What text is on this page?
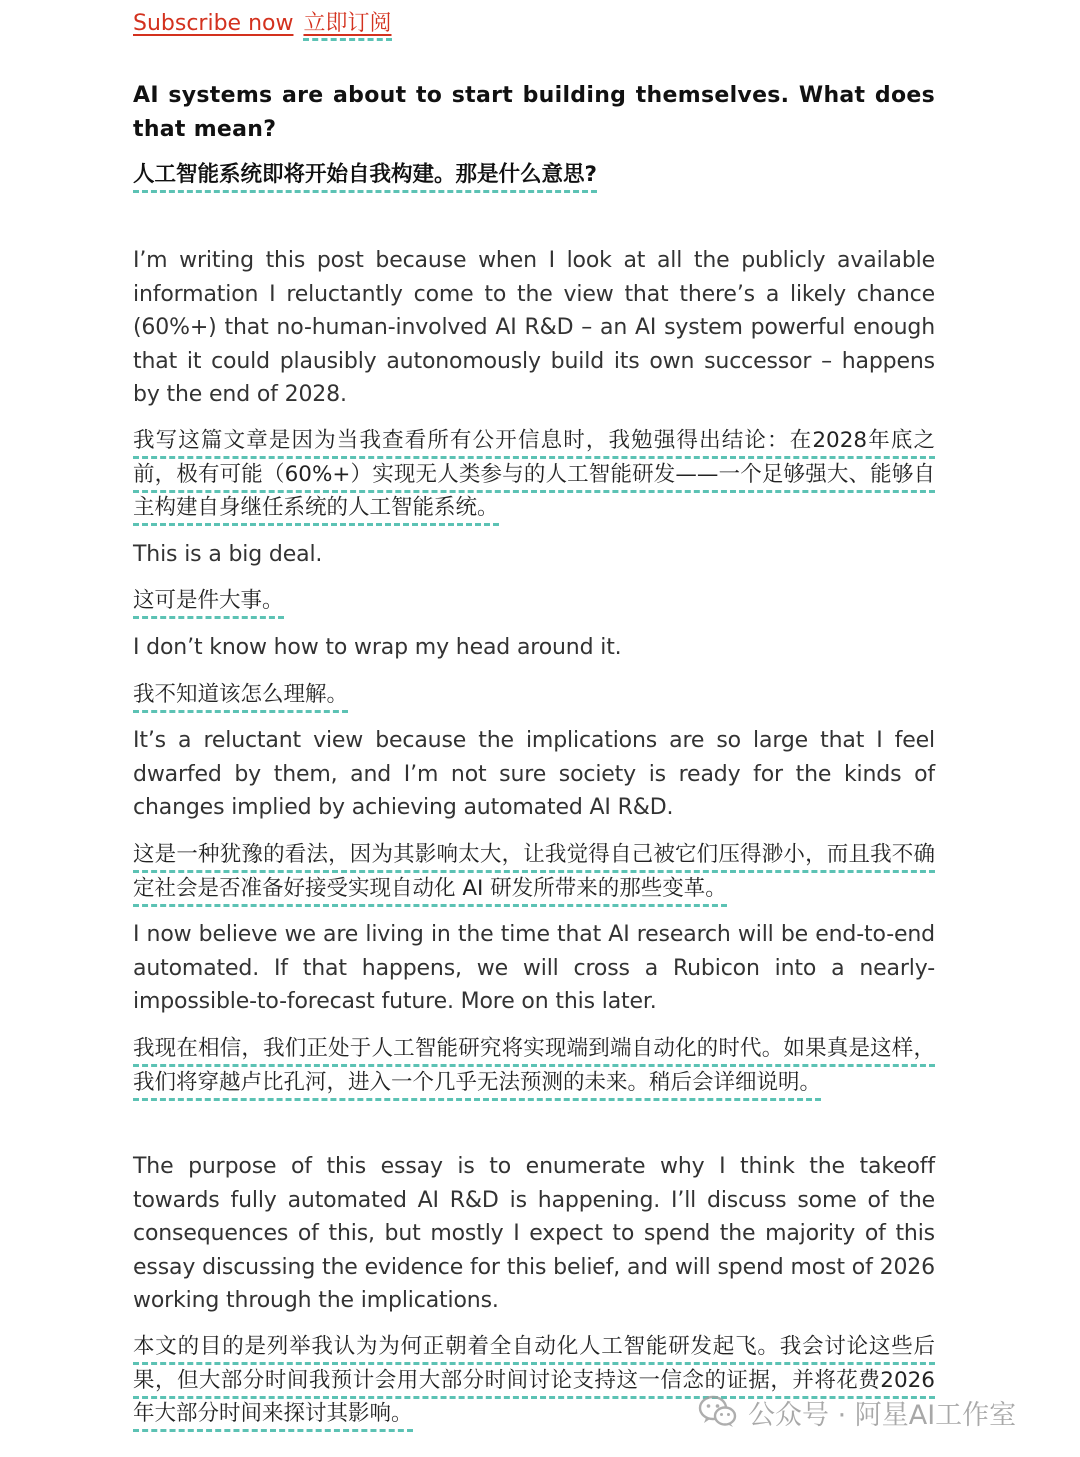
Subscribe now 立即订阅
AI systems are about to start building themselves. What does that mean?
人工智能系统即将开始自我构建。那是什么意思?
I’m writing this post because when I look at all the publicly available information I reluctantly come to the view that there’s a likely chance (60%+) that no-human-involved AI R&D – an AI system powerful enough that it could plausibly autonomously build its own successor – happens by the end of 2028.
我写这篇文章是因为当我查看所有公开信息时，我勉强得出结论：在2028年底之前，极有可能（60%+）实现无人类参与的人工智能研发——一个足够强大、能够自主构建自身继任系统的人工智能系统。
This is a big deal.
这可是件大事。
I don’t know how to wrap my head around it.
我不知道该怎么理解。
It’s a reluctant view because the implications are so large that I feel dwarfed by them, and I’m not sure society is ready for the kinds of changes implied by achieving automated AI R&D.
这是一种犹豫的看法，因为其影响太大，让我觉得自己被它们压得渺小，而且我不确定社会是否准备好接受实现自动化 AI 研发所带来的那些变革。
I now believe we are living in the time that AI research will be end-to-end automated. If that happens, we will cross a Rubicon into a nearly-impossible-to-forecast future. More on this later.
我现在相信，我们正处于人工智能研究将实现端到端自动化的时代。如果真是这样，我们将穿越卢比孔河，进入一个几乎无法预测的未来。稍后会详细说明。
The purpose of this essay is to enumerate why I think the takeoff towards fully automated AI R&D is happening. I’ll discuss some of the consequences of this, but mostly I expect to spend the majority of this essay discussing the evidence for this belief, and will spend most of 2026 working through the implications.
本文的目的是列举我认为为何正朝着全自动化人工智能研发起飞。我会讨论这些后果，但大部分时间我预计会用大部分时间讨论支持这一信念的证据，并将花费2026年大部分时间来探讨其影响。	公众号 · 阿星AI工作室
